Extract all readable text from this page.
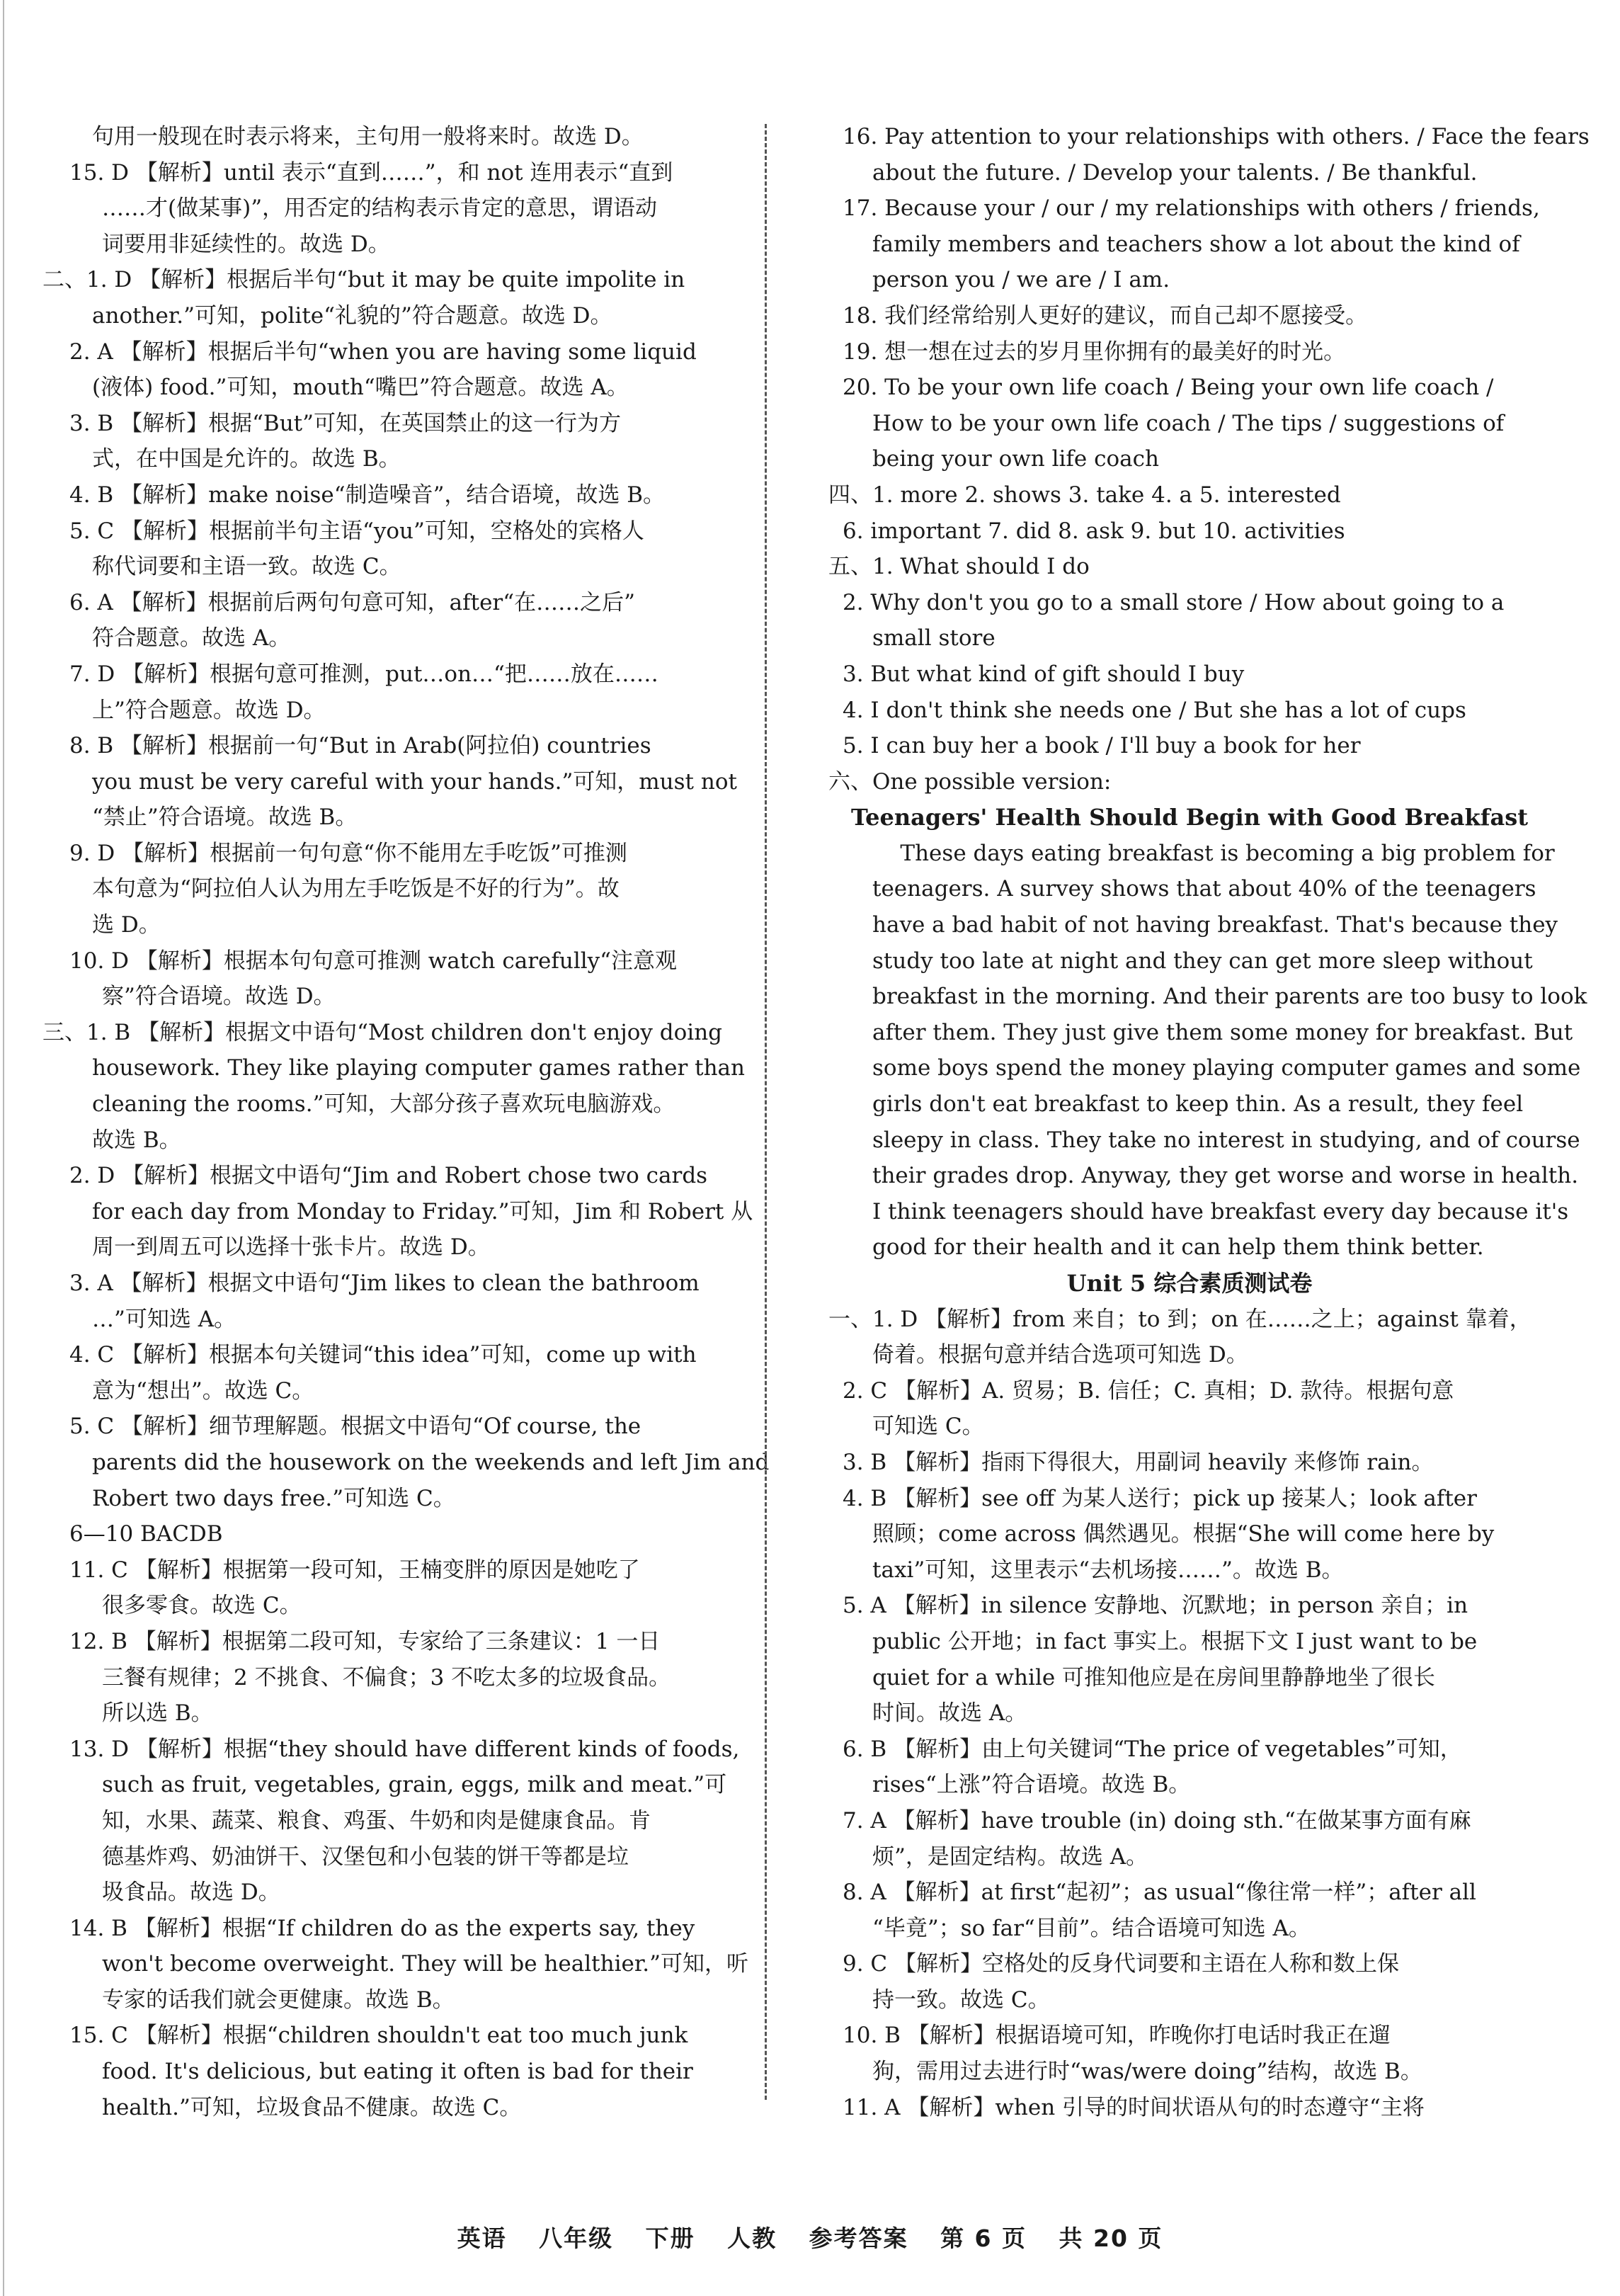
句用一般现在时表示将来，主句用一般将来时。故选 D。

15. D 【解析】until 表示“直到……”，和 not 连用表示“直到

……才(做某事)”，用否定的结构表示肯定的意思，谓语动

词要用非延续性的。故选 D。

二、1. D 【解析】根据后半句“but it may be quite impolite in

another.”可知，polite“礼貌的”符合题意。故选 D。

2. A 【解析】根据后半句“when you are having some liquid

(液体) food.”可知，mouth“嘴巴”符合题意。故选 A。

3. B 【解析】根据“But”可知，在英国禁止的这一行为方

式，在中国是允许的。故选 B。

4. B 【解析】make noise“制造噪音”，结合语境，故选 B。

5. C 【解析】根据前半句主语“you”可知，空格处的宾格人

称代词要和主语一致。故选 C。

6. A 【解析】根据前后两句句意可知，after“在……之后”

符合题意。故选 A。

7. D 【解析】根据句意可推测，put…on…“把……放在……

上”符合题意。故选 D。

8. B 【解析】根据前一句“But in Arab(阿拉伯) countries

you must be very careful with your hands.”可知，must not

“禁止”符合语境。故选 B。

9. D 【解析】根据前一句句意“你不能用左手吃饭”可推测

本句意为“阿拉伯人认为用左手吃饭是不好的行为”。故

选 D。

10. D 【解析】根据本句句意可推测 watch carefully“注意观

察”符合语境。故选 D。

三、1. B 【解析】根据文中语句“Most children don't enjoy doing

housework. They like playing computer games rather than

cleaning the rooms.”可知，大部分孩子喜欢玩电脑游戏。

故选 B。

2. D 【解析】根据文中语句“Jim and Robert chose two cards

for each day from Monday to Friday.”可知，Jim 和 Robert 从

周一到周五可以选择十张卡片。故选 D。

3. A 【解析】根据文中语句“Jim likes to clean the bathroom

…”可知选 A。

4. C 【解析】根据本句关键词“this idea”可知，come up with

意为“想出”。故选 C。

5. C 【解析】细节理解题。根据文中语句“Of course, the

parents did the housework on the weekends and left Jim and

Robert two days free.”可知选 C。

6—10 BACDB

11. C 【解析】根据第一段可知，王楠变胖的原因是她吃了

很多零食。故选 C。

12. B 【解析】根据第二段可知，专家给了三条建议：1 一日

三餐有规律；2 不挑食、不偏食；3 不吃太多的垃圾食品。

所以选 B。

13. D 【解析】根据“they should have different kinds of foods,

such as fruit, vegetables, grain, eggs, milk and meat.”可

知，水果、蔬菜、粮食、鸡蛋、牛奶和肉是健康食品。肯

德基炸鸡、奶油饼干、汉堡包和小包装的饼干等都是垃

圾食品。故选 D。

14. B 【解析】根据“If children do as the experts say, they

won't become overweight. They will be healthier.”可知，听

专家的话我们就会更健康。故选 B。

15. C 【解析】根据“children shouldn't eat too much junk

food. It's delicious, but eating it often is bad for their

health.”可知，垃圾食品不健康。故选 C。

16. Pay attention to your relationships with others. / Face the fears

about the future. / Develop your talents. / Be thankful.

17. Because your / our / my relationships with others / friends,

family members and teachers show a lot about the kind of

person you / we are / I am.

18. 我们经常给别人更好的建议，而自己却不愿接受。

19. 想一想在过去的岁月里你拥有的最美好的时光。

20. To be your own life coach / Being your own life coach /

How to be your own life coach / The tips / suggestions of

being your own life coach

四、1. more 2. shows 3. take 4. a 5. interested

6. important 7. did 8. ask 9. but 10. activities

五、1. What should I do

2. Why don't you go to a small store / How about going to a

small store

3. But what kind of gift should I buy

4. I don't think she needs one / But she has a lot of cups

5. I can buy her a book / I'll buy a book for her

六、One possible version:

Teenagers' Health Should Begin with Good Breakfast

These days eating breakfast is becoming a big problem for

teenagers. A survey shows that about 40% of the teenagers

have a bad habit of not having breakfast. That's because they

study too late at night and they can get more sleep without

breakfast in the morning. And their parents are too busy to look

after them. They just give them some money for breakfast. But

some boys spend the money playing computer games and some

girls don't eat breakfast to keep thin. As a result, they feel

sleepy in class. They take no interest in studying, and of course

their grades drop. Anyway, they get worse and worse in health.

I think teenagers should have breakfast every day because it's

good for their health and it can help them think better.

Unit 5 综合素质测试卷

一、1. D 【解析】from 来自；to 到；on 在……之上；against 靠着，

倚着。根据句意并结合选项可知选 D。

2. C 【解析】A. 贸易；B. 信任；C. 真相；D. 款待。根据句意

可知选 C。

3. B 【解析】指雨下得很大，用副词 heavily 来修饰 rain。

4. B 【解析】see off 为某人送行；pick up 接某人；look after

照顾；come across 偶然遇见。根据“She will come here by

taxi”可知，这里表示“去机场接……”。故选 B。

5. A 【解析】in silence 安静地、沉默地；in person 亲自；in

public 公开地；in fact 事实上。根据下文 I just want to be

quiet for a while 可推知他应是在房间里静静地坐了很长

时间。故选 A。

6. B 【解析】由上句关键词“The price of vegetables”可知，

rises“上涨”符合语境。故选 B。

7. A 【解析】have trouble (in) doing sth.“在做某事方面有麻

烦”，是固定结构。故选 A。

8. A 【解析】at first“起初”；as usual“像往常一样”；after all

“毕竟”；so far“目前”。结合语境可知选 A。

9. C 【解析】空格处的反身代词要和主语在人称和数上保

持一致。故选 C。

10. B 【解析】根据语境可知，昨晚你打电话时我正在遛

狗，需用过去进行时“was/were doing”结构，故选 B。

11. A 【解析】when 引导的时间状语从句的时态遵守“主将

英语 八年级 下册 人教 参考答案 第 6 页 共 20 页
